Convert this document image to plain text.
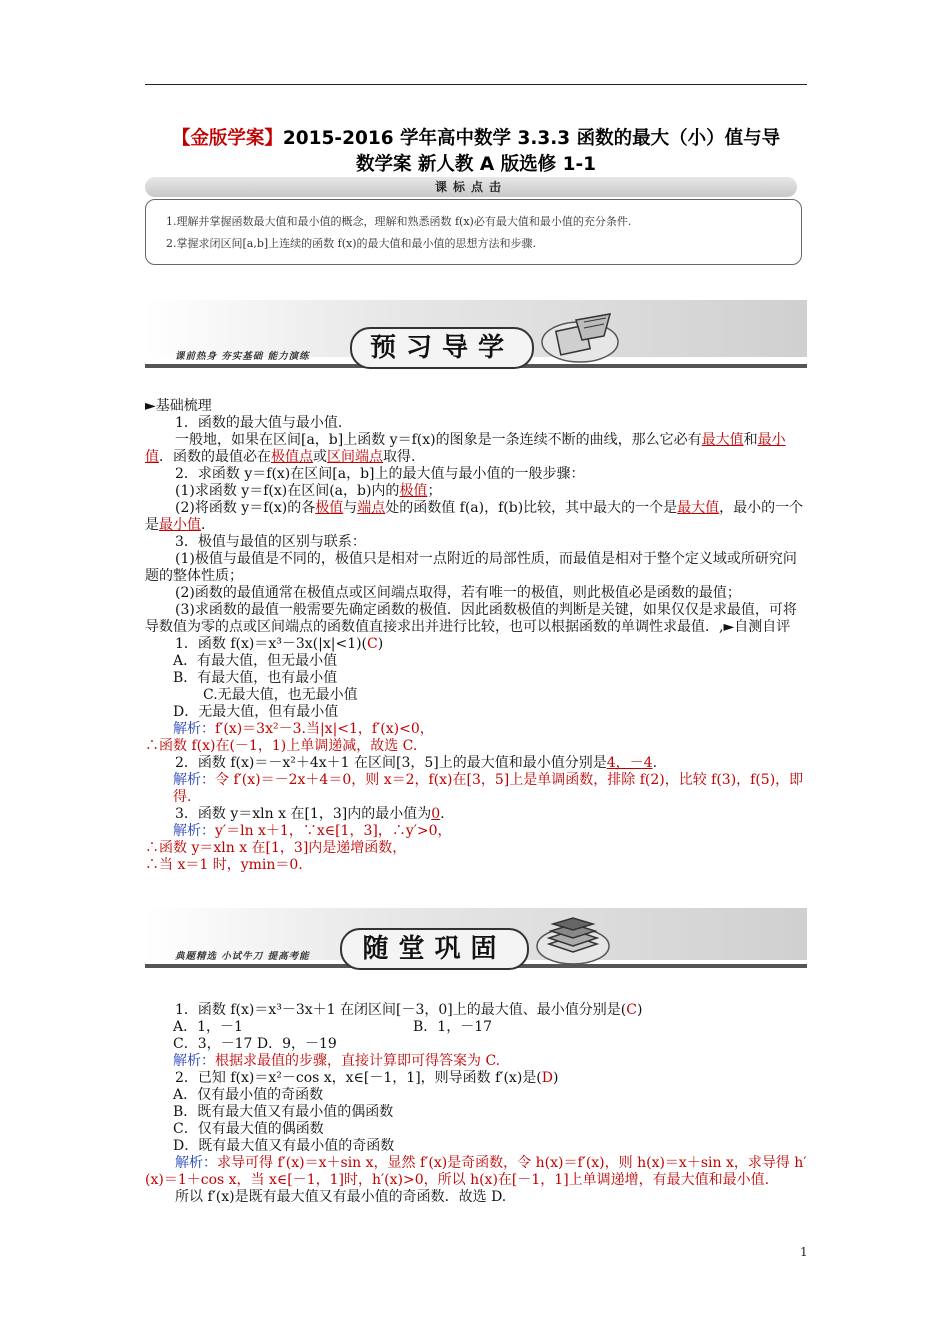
【金版学案】2015-2016 学年高中数学 3.3.3 函数的最大（小）值与导
数学案 新人教 A 版选修 1-1
课标点击
1.理解并掌握函数最大值和最小值的概念，理解和熟悉函数 f(x)必有最大值和最小值的充分条件.
2.掌握求闭区间[a,b]上连续的函数 f(x)的最大值和最小值的思想方法和步骤.
课前热身 夯实基础 能力演练	预习导学

►基础梳理

1．函数的最大值与最小值.

一般地，如果在区间[a，b]上函数 y＝f(x)的图象是一条连续不断的曲线，那么它必有最大值和最小值．函数的最值必在极值点或区间端点取得.

2．求函数 y＝f(x)在区间[a，b]上的最大值与最小值的一般步骤：

(1)求函数 y＝f(x)在区间(a，b)内的极值；

(2)将函数 y＝f(x)的各极值与端点处的函数值 f(a)，f(b)比较，其中最大的一个是最大值，最小的一个是最小值.

3．极值与最值的区别与联系：

(1)极值与最值是不同的，极值只是相对一点附近的局部性质，而最值是相对于整个定义域或所研究问题的整体性质；

(2)函数的最值通常在极值点或区间端点取得，若有唯一的极值，则此极值必是函数的最值；

(3)求函数的最值一般需要先确定函数的极值．因此函数极值的判断是关键，如果仅仅是求最值，可将导数值为零的点或区间端点的函数值直接求出并进行比较，也可以根据函数的单调性求最值．,►自测自评

1．函数 f(x)＝x³－3x(|x|<1)(C)

A．有最大值，但无最小值

B．有最大值，也有最小值

C.无最大值，也无最小值

D．无最大值，但有最小值

解析：f′(x)＝3x²－3.当|x|<1，f′(x)<0，

∴函数 f(x)在(－1，1)上单调递减，故选 C.

2．函数 f(x)＝－x²＋4x＋1 在区间[3，5]上的最大值和最小值分别是4，－4.

解析：令 f′(x)＝－2x＋4＝0，则 x＝2，f(x)在[3，5]上是单调函数，排除 f(2)，比较 f(3)，f(5)，即得.

3．函数 y＝xln x 在[1，3]内的最小值为0.

解析：y′＝ln x＋1，∵x∈[1，3]，∴y′>0，

∴函数 y＝xln x 在[1，3]内是递增函数，

∴当 x＝1 时，ymin＝0.

典题精选 小试牛刀 提高考能	随堂巩固

1．函数 f(x)＝x³－3x＋1 在闭区间[－3，0]上的最大值、最小值分别是(C)

A．1，－1	B．1，－17

C．3，－17 D．9，－19

解析：根据求最值的步骤，直接计算即可得答案为 C.

2．已知 f(x)＝x²－cos x，x∈[－1，1]，则导函数 f′(x)是(D)

A．仅有最小值的奇函数

B．既有最大值又有最小值的偶函数

C．仅有最大值的偶函数

D．既有最大值又有最小值的奇函数

解析：求导可得 f′(x)＝x＋sin x，显然 f′(x)是奇函数，令 h(x)＝f′(x)，则 h(x)＝x＋sin x，求导得 h′(x)＝1＋cos x，当 x∈[－1，1]时，h′(x)>0，所以 h(x)在[－1，1]上单调递增，有最大值和最小值.

所以 f′(x)是既有最大值又有最小值的奇函数．故选 D.

1
